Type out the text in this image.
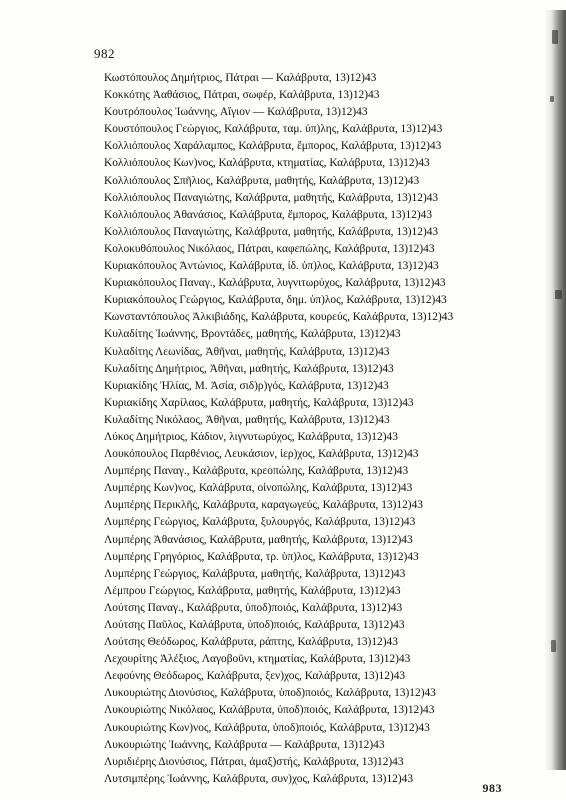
982
Κωστόπουλος Δημήτριος, Πάτραι — Καλάβρυτα, 13)12)43
Κοκκότης Ἀαθάσιος, Πάτραι, σωφέρ, Καλάβρυτα, 13)12)43
Κουτρόπουλος Ἰωάννης, Αἴγιον — Καλάβρυτα, 13)12)43
Κουστόπουλος Γεώργιος, Καλάβρυτα, ταμ. ὑπ)λης, Καλάβρυτα, 13)12)43
Κολλιόπουλος Χαράλαμπος, Καλάβρυτα, ἔμπορος, Καλάβρυτα, 13)12)43
Κολλιόπουλος Κων)νος, Καλάβρυτα, κτηματίας, Καλάβρυτα, 13)12)43
Κολλιόπουλος Σπῆλιος, Καλάβρυτα, μαθητής, Καλάβρυτα, 13)12)43
Κολλιόπουλος Παναγιώτης, Καλάβρυτα, μαθητής, Καλάβρυτα, 13)12)43
Κολλιόπουλος Ἀθανάσιος, Καλάβρυτα, ἔμπορος, Καλάβρυτα, 13)12)43
Κολλιόπουλος Παναγιώτης, Καλάβρυτα, μαθητής, Καλάβρυτα, 13)12)43
Κολοκυθόπουλος Νικόλαος, Πάτραι, καφεπώλης, Καλάβρυτα, 13)12)43
Κυριακόπουλος Ἀντώνιος, Καλάβρυτα, ἰδ. ὑπ)λος, Καλάβρυτα, 13)12)43
Κυριακόπουλος Παναγ., Καλάβρυτα, λυγνιτωρύχος, Καλάβρυτα, 13)12)43
Κυριακόπουλος Γεώργιος, Καλάβρυτα, δημ. ὑπ)λος, Καλάβρυτα, 13)12)43
Κωνσταντόπουλος Ἀλκιβιάδης, Καλάβρυτα, κουρεύς, Καλάβρυτα, 13)12)43
Κυλαδίτης Ἰωάννης, Βροντάδες, μαθητής, Καλάβρυτα, 13)12)43
Κυλαδίτης Λεωνίδας, Ἀθῆναι, μαθητής, Καλάβρυτα, 13)12)43
Κυλαδίτης Δημήτριος, Ἀθῆναι, μαθητής, Καλάβρυτα, 13)12)43
Κυριακίδης Ἠλίας, Μ. Ἀσία, σιδ)ρ)γός, Καλάβρυτα, 13)12)43
Κυριακίδης Χαρίλαος, Καλάβρυτα, μαθητής, Καλάβρυτα, 13)12)43
Κυλαδίτης Νικόλαος, Ἀθῆναι, μαθητής, Καλάβρυτα, 13)12)43
Λύκος Δημήτριος, Κάδιον, λιγνυτωρύχος, Καλάβρυτα, 13)12)43
Λουκόπουλος Παρθένιος, Λευκάσιον, ἱερ)χος, Καλάβρυτα, 13)12)43
Λυμπέρης Παναγ., Καλάβρυτα, κρεοπώλης, Καλάβρυτα, 13)12)43
Λυμπέρης Κων)νος, Καλάβρυτα, οἰνοπώλης, Καλάβρυτα, 13)12)43
Λυμπέρης Περικλῆς, Καλάβρυτα, καραγωγεύς, Καλάβρυτα, 13)12)43
Λυμπέρης Γεώργιος, Καλάβρυτα, ξυλουργός, Καλάβρυτα, 13)12)43
Λυμπέρης Ἀθανάσιος, Καλάβρυτα, μαθητής, Καλάβρυτα, 13)12)43
Λυμπέρης Γρηγόριος, Καλάβρυτα, τρ. ὑπ)λος, Καλάβρυτα, 13)12)43
Λυμπέρης Γεώργιος, Καλάβρυτα, μαθητής, Καλάβρυτα, 13)12)43
Λέμπρου Γεώργιος, Καλάβρυτα, μαθητής, Καλάβρυτα, 13)12)43
Λούτσης Παναγ., Καλάβρυτα, ὑποδ)ποιός, Καλάβρυτα, 13)12)43
Λούτσης Παῦλος, Καλάβρυτα, ὑποδ)ποιός, Καλάβρυτα, 13)12)43
Λούτσης Θεόδωρος, Καλάβρυτα, ράπτης, Καλάβρυτα, 13)12)43
Λεχουρίτης Ἀλέξιος, Λαγοβοῦνι, κτηματίας, Καλάβρυτα, 13)12)43
Λεφούνης Θεόδωρος, Καλάβρυτα, ξεν)χος, Καλάβρυτα, 13)12)43
Λυκουριώτης Διονύσιος, Καλάβρυτα, ὑποδ)ποιός, Καλάβρυτα, 13)12)43
Λυκουριώτης Νικόλαος, Καλάβρυτα, ὑποδ)ποιός, Καλάβρυτα, 13)12)43
Λυκουριώτης Κων)νος, Καλάβρυτα, ὑποδ)ποιός, Καλάβρυτα, 13)12)43
Λυκουριώτης Ἰωάννης, Καλάβρυτα — Καλάβρυτα, 13)12)43
Λυριδιέρης Διονύσιος, Πάτραι, ἁμαξ)στής, Καλάβρυτα, 13)12)43
Λυτσιμπέρης Ἰωάννης, Καλάβρυτα, συν)χος, Καλάβρυτα, 13)12)43
983
